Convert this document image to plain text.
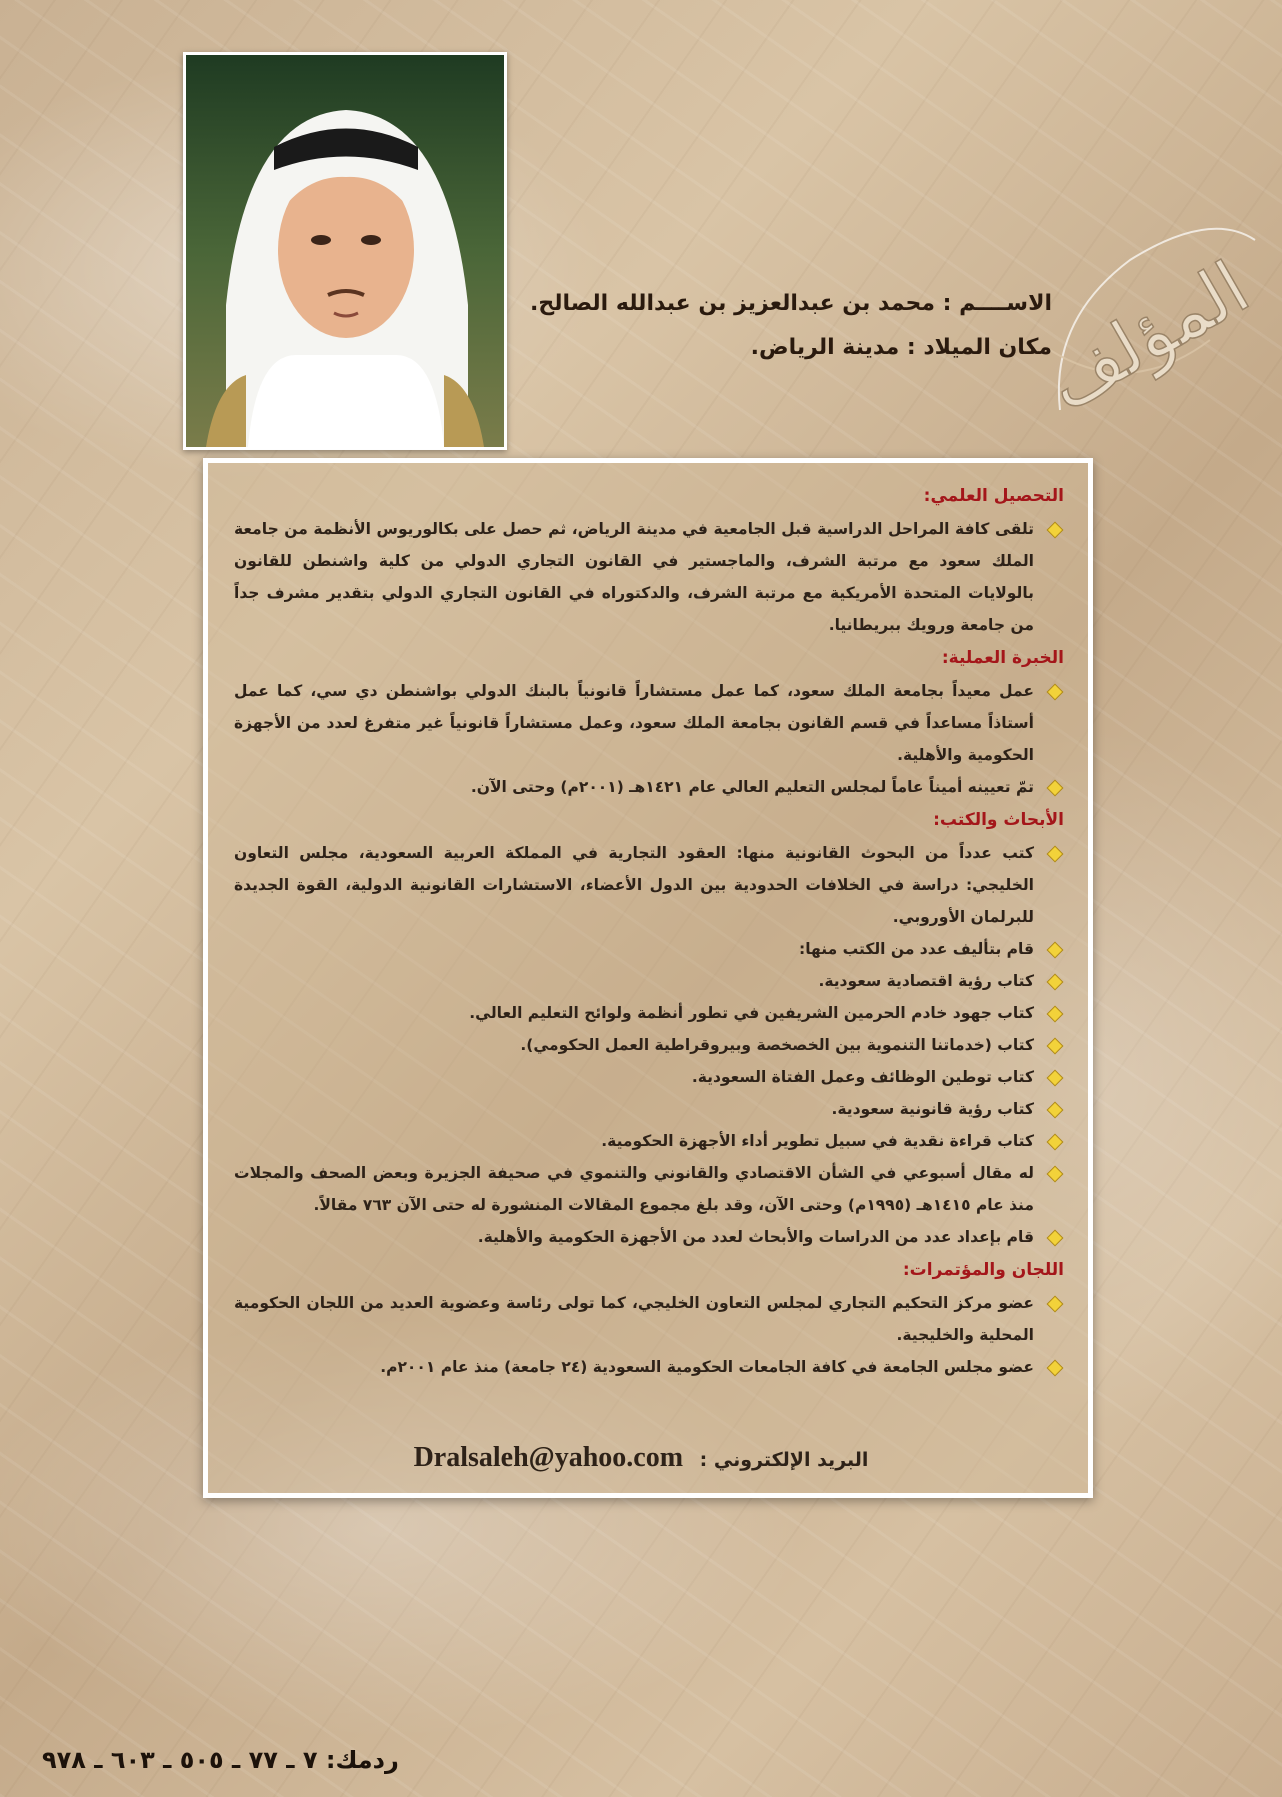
المؤلف
الاســــم : محمد بن عبدالعزيز بن عبدالله الصالح.
مكان الميلاد : مدينة الرياض.
التحصيل العلمي:
تلقى كافة المراحل الدراسية قبل الجامعية في مدينة الرياض، ثم حصل على بكالوريوس الأنظمة من جامعة الملك سعود مع مرتبة الشرف، والماجستير في القانون التجاري الدولي من كلية واشنطن للقانون بالولايات المتحدة الأمريكية مع مرتبة الشرف، والدكتوراه في القانون التجاري الدولي بتقدير مشرف جداً من جامعة ورويك ببريطانيا.
الخبرة العملية:
عمل معيداً بجامعة الملك سعود، كما عمل مستشاراً قانونياً بالبنك الدولي بواشنطن دي سي، كما عمل أستاذاً مساعداً في قسم القانون بجامعة الملك سعود، وعمل مستشاراً قانونياً غير متفرغ لعدد من الأجهزة الحكومية والأهلية.
تمّ تعيينه أميناً عاماً لمجلس التعليم العالي عام ١٤٢١هـ (٢٠٠١م) وحتى الآن.
الأبحاث والكتب:
كتب عدداً من البحوث القانونية منها: العقود التجارية في المملكة العربية السعودية، مجلس التعاون الخليجي: دراسة في الخلافات الحدودية بين الدول الأعضاء، الاستشارات القانونية الدولية، القوة الجديدة للبرلمان الأوروبي.
قام بتأليف عدد من الكتب منها:
كتاب رؤية اقتصادية سعودية.
كتاب جهود خادم الحرمين الشريفين في تطور أنظمة ولوائح التعليم العالي.
كتاب (خدماتنا التنموية بين الخصخصة وبيروقراطية العمل الحكومي).
كتاب توطين الوظائف وعمل الفتاة السعودية.
كتاب رؤية قانونية سعودية.
كتاب قراءة نقدية في سبيل تطوير أداء الأجهزة الحكومية.
له مقال أسبوعي في الشأن الاقتصادي والقانوني والتنموي في صحيفة الجزيرة وبعض الصحف والمجلات منذ عام ١٤١٥هـ (١٩٩٥م) وحتى الآن، وقد بلغ مجموع المقالات المنشورة له حتى الآن ٧٦٣ مقالاً.
قام بإعداد عدد من الدراسات والأبحاث لعدد من الأجهزة الحكومية والأهلية.
اللجان والمؤتمرات:
عضو مركز التحكيم التجاري لمجلس التعاون الخليجي، كما تولى رئاسة وعضوية العديد من اللجان الحكومية المحلية والخليجية.
عضو مجلس الجامعة في كافة الجامعات الحكومية السعودية (٢٤ جامعة) منذ عام ٢٠٠١م.
البريد الإلكتروني : Dralsaleh@yahoo.com
ردمك: ٧ ـ ٧٧ ـ ٥٠٥ ـ ٦٠٣ ـ ٩٧٨
